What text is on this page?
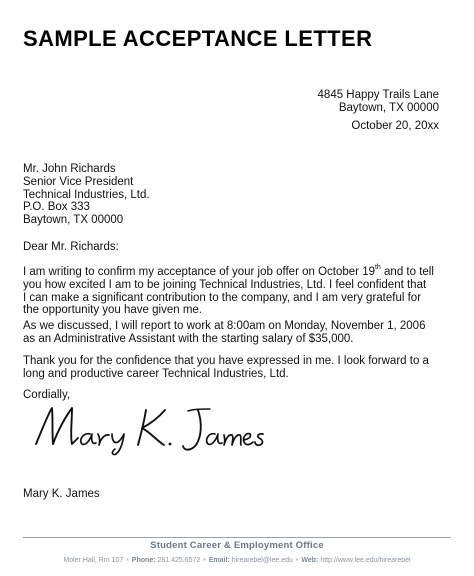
SAMPLE ACCEPTANCE LETTER
4845 Happy Trails Lane
Baytown, TX 00000
October 20, 20xx
Mr. John Richards
Senior Vice President
Technical Industries, Ltd.
P.O. Box 333
Baytown, TX 00000
Dear Mr. Richards:
I am writing to confirm my acceptance of your job offer on October 19th and to tell
you how excited I am to be joining Technical Industries, Ltd. I feel confident that
I can make a significant contribution to the company, and I am very grateful for
the opportunity you have given me.
As we discussed, I will report to work at 8:00am on Monday, November 1, 2006
as an Administrative Assistant with the starting salary of $35,000.
Thank you for the confidence that you have expressed in me. I look forward to a
long and productive career Technical Industries, Ltd.
Cordially,
Mary K. James
Student Career & Employment Office
Moler Hall, Rm 107 • Phone: 281.425.6572 • Email: hirearebel@lee.edu • Web: http://www.lee.edu/hirearebel
